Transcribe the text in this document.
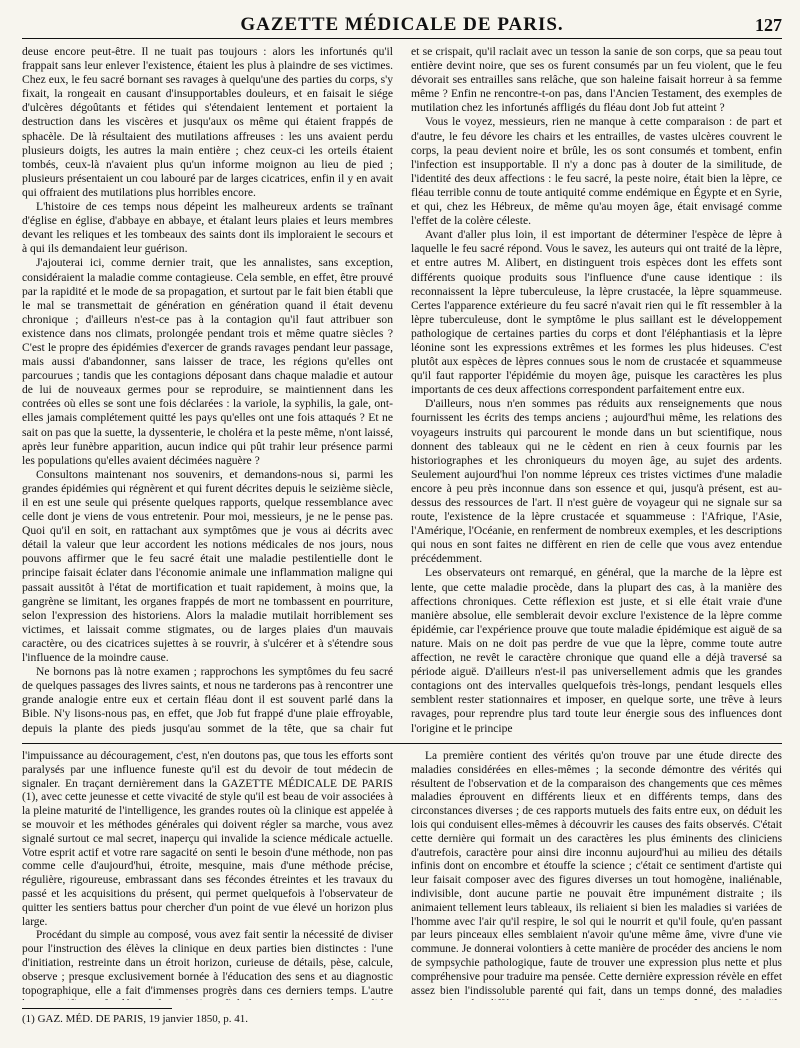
GAZETTE MÉDICALE DE PARIS.	127

deuse encore peut-être. Il ne tuait pas toujours : alors les infortunés qu'il frappait sans leur enlever l'existence, étaient les plus à plaindre de ses victimes. Chez eux, le feu sacré bornant ses ravages à quelqu'une des parties du corps, s'y fixait, la rongeait en causant d'insupportables douleurs, et en faisait le siége d'ulcères dégoûtants et fétides qui s'étendaient lentement et portaient la destruction dans les viscères et jusqu'aux os même qui étaient frappés de sphacèle. De là résultaient des mutilations affreuses : les uns avaient perdu plusieurs doigts, les autres la main entière ; chez ceux-ci les orteils étaient tombés, ceux-là n'avaient plus qu'un informe moignon au lieu de pied ; plusieurs présentaient un cou labouré par de larges cicatrices, enfin il y en avait qui offraient des mutilations plus horribles encore.

L'histoire de ces temps nous dépeint les malheureux ardents se traînant d'église en église, d'abbaye en abbaye, et étalant leurs plaies et leurs membres devant les reliques et les tombeaux des saints dont ils imploraient le secours et à qui ils demandaient leur guérison.

J'ajouterai ici, comme dernier trait, que les annalistes, sans exception, considéraient la maladie comme contagieuse. Cela semble, en effet, être prouvé par la rapidité et le mode de sa propagation, et surtout par le fait bien établi que le mal se transmettait de génération en génération quand il était devenu chronique ; d'ailleurs n'est-ce pas à la contagion qu'il faut attribuer son existence dans nos climats, prolongée pendant trois et même quatre siècles ? C'est le propre des épidémies d'exercer de grands ravages pendant leur passage, mais aussi d'abandonner, sans laisser de trace, les régions qu'elles ont parcourues ; tandis que les contagions déposant dans chaque maladie et autour de lui de nouveaux germes pour se reproduire, se maintiennent dans les contrées où elles se sont une fois déclarées : la variole, la syphilis, la gale, ont-elles jamais complétement quitté les pays qu'elles ont une fois attaqués ? Et ne sait on pas que la suette, la dyssenterie, le choléra et la peste même, n'ont laissé, après leur funèbre apparition, aucun indice qui pût trahir leur présence parmi les populations qu'elles avaient décimées naguère ?

Consultons maintenant nos souvenirs, et demandons-nous si, parmi les grandes épidémies qui régnèrent et qui furent décrites depuis le seizième siècle, il en est une seule qui présente quelques rapports, quelque ressemblance avec celle dont je viens de vous entretenir. Pour moi, messieurs, je ne le pense pas. Quoi qu'il en soit, en rattachant aux symptômes que je vous ai décrits avec détail la valeur que leur accordent les notions médicales de nos jours, nous pouvons affirmer que le feu sacré était une maladie pestilentielle dont le principe faisait éclater dans l'économie animale une inflammation maligne qui passait aussitôt à l'état de mortification et tuait rapidement, à moins que, la gangrène se limitant, les organes frappés de mort ne tombassent en pourriture, selon l'expression des historiens. Alors la maladie mutilait horriblement ses victimes, et laissait comme stigmates, ou de larges plaies d'un mauvais caractère, ou des cicatrices sujettes à se rouvrir, à s'ulcérer et à s'étendre sous l'influence de la moindre cause.

Ne bornons pas là notre examen ; rapprochons les symptômes du feu sacré de quelques passages des livres saints, et nous ne tarderons pas à rencontrer une grande analogie entre eux et certain fléau dont il est souvent parlé dans la Bible. N'y lisons-nous pas, en effet, que Job fut frappé d'une plaie effroyable, depuis la plante des pieds jusqu'au sommet de la tête, que sa chair fut

et se crispait, qu'il raclait avec un tesson la sanie de son corps, que sa peau tout entière devint noire, que ses os furent consumés par un feu violent, que le feu dévorait ses entrailles sans relâche, que son haleine faisait horreur à sa femme même ? Enfin ne rencontre-t-on pas, dans l'Ancien Testament, des exemples de mutilation chez les infortunés affligés du fléau dont Job fut atteint ?

Vous le voyez, messieurs, rien ne manque à cette comparaison : de part et d'autre, le feu dévore les chairs et les entrailles, de vastes ulcères couvrent le corps, la peau devient noire et brûle, les os sont consumés et tombent, enfin l'infection est insupportable. Il n'y a donc pas à douter de la similitude, de l'identité des deux affections : le feu sacré, la peste noire, était bien la lèpre, ce fléau terrible connu de toute antiquité comme endémique en Égypte et en Syrie, et qui, chez les Hébreux, de même qu'au moyen âge, était envisagé comme l'effet de la colère céleste.

Avant d'aller plus loin, il est important de déterminer l'espèce de lèpre à laquelle le feu sacré répond. Vous le savez, les auteurs qui ont traité de la lèpre, et entre autres M. Alibert, en distinguent trois espèces dont les effets sont différents quoique produits sous l'influence d'une cause identique : ils reconnaissent la lèpre tuberculeuse, la lèpre crustacée, la lèpre squammeuse. Certes l'apparence extérieure du feu sacré n'avait rien qui le fît ressembler à la lèpre tuberculeuse, dont le symptôme le plus saillant est le développement pathologique de certaines parties du corps et dont l'éléphantiasis et la lèpre léonine sont les expressions extrêmes et les formes les plus hideuses. C'est plutôt aux espèces de lèpres connues sous le nom de crustacée et squammeuse qu'il faut rapporter l'épidémie du moyen âge, puisque les caractères les plus importants de ces deux affections correspondent parfaitement entre eux.

D'ailleurs, nous n'en sommes pas réduits aux renseignements que nous fournissent les écrits des temps anciens ; aujourd'hui même, les relations des voyageurs instruits qui parcourent le monde dans un but scientifique, nous donnent des tableaux qui ne le cèdent en rien à ceux fournis par les historiographes et les chroniqueurs du moyen âge, au sujet des ardents. Seulement aujourd'hui l'on nomme lépreux ces tristes victimes d'une maladie encore à peu près inconnue dans son essence et qui, jusqu'à présent, est au-dessus des ressources de l'art. Il n'est guère de voyageur qui ne signale sur sa route, l'existence de la lèpre crustacée et squammeuse : l'Afrique, l'Asie, l'Amérique, l'Océanie, en renferment de nombreux exemples, et les descriptions qui nous en sont faites ne diffèrent en rien de celle que vous avez entendue précédemment.

Les observateurs ont remarqué, en général, que la marche de la lèpre est lente, que cette maladie procède, dans la plupart des cas, à la manière des affections chroniques. Cette réflexion est juste, et si elle était vraie d'une manière absolue, elle semblerait devoir exclure l'existence de la lèpre comme épidémie, car l'expérience prouve que toute maladie épidémique est aiguë de sa nature. Mais on ne doit pas perdre de vue que la lèpre, comme toute autre affection, ne revêt le caractère chronique que quand elle a déjà traversé sa période aiguë. D'ailleurs n'est-il pas universellement admis que les grandes contagions ont des intervalles quelquefois très-longs, pendant lesquels elles semblent rester stationnaires et imposer, en quelque sorte, une trêve à leurs ravages, pour reprendre plus tard toute leur énergie sous des influences dont l'origine et le principe

l'impuissance au découragement, c'est, n'en doutons pas, que tous les efforts sont paralysés par une influence funeste qu'il est du devoir de tout médecin de signaler. En traçant dernièrement dans la GAZETTE MÉDICALE DE PARIS (1), avec cette jeunesse et cette vivacité de style qu'il est beau de voir associées à la pleine maturité de l'intelligence, les grandes routes où la clinique est appelée à se mouvoir et les méthodes générales qui doivent régler sa marche, vous avez signalé surtout ce mal secret, inaperçu qui invalide la science médicale actuelle. Votre esprit actif et votre rare sagacité on senti le besoin d'une méthode, non pas comme celle d'aujourd'hui, étroite, mesquine, mais d'une méthode précise, régulière, rigoureuse, embrassant dans ses fécondes étreintes et les travaux du passé et les acquisitions du présent, qui permet quelquefois à l'observateur de quitter les sentiers battus pour chercher d'un point de vue élevé un horizon plus large.

Procédant du simple au composé, vous avez fait sentir la nécessité de diviser pour l'instruction des élèves la clinique en deux parties bien distinctes : l'une d'initiation, restreinte dans un étroit horizon, curieuse de détails, pèse, calcule, observe ; presque exclusivement bornée à l'éducation des sens et au diagnostic topographique, elle a fait d'immenses progrès dans ces derniers temps. L'autre

La première contient des vérités qu'on trouve par une étude directe des maladies considérées en elles-mêmes ; la seconde démontre des vérités qui résultent de l'observation et de la comparaison des changements que ces mêmes maladies éprouvent en différents lieux et en différents temps, dans des circonstances diverses ; de ces rapports mutuels des faits entre eux, on déduit les lois qui conduisent elles-mêmes à découvrir les causes des faits observés. C'était cette dernière qui formait un des caractères les plus éminents des cliniciens d'autrefois, caractère pour ainsi dire inconnu aujourd'hui au milieu des détails infinis dont on encombre et étouffe la science ; c'était ce sentiment d'artiste qui leur faisait composer avec des figures diverses un tout homogène, inaliénable, indivisible, dont aucune partie ne pouvait être impunément distraite ; ils animaient tellement leurs tableaux, ils reliaient si bien les maladies si variées de l'homme avec l'air qu'il respire, le sol qui le nourrit et qu'il foule, qu'en passant par leurs pinceaux elles semblaient n'avoir qu'une même âme, vivre d'une vie commune. Je donnerai volontiers à cette manière de procéder des anciens le nom de sympsychie pathologique, faute de trouver une expression plus nette et plus compréhensive pour traduire ma pensée. Cette dernière expression révèle en effet assez bien l'indissoluble parenté qui fait, dans un temps donné, des maladies

(1) GAZ. MÉD. DE PARIS, 19 janvier 1850, p. 41.
